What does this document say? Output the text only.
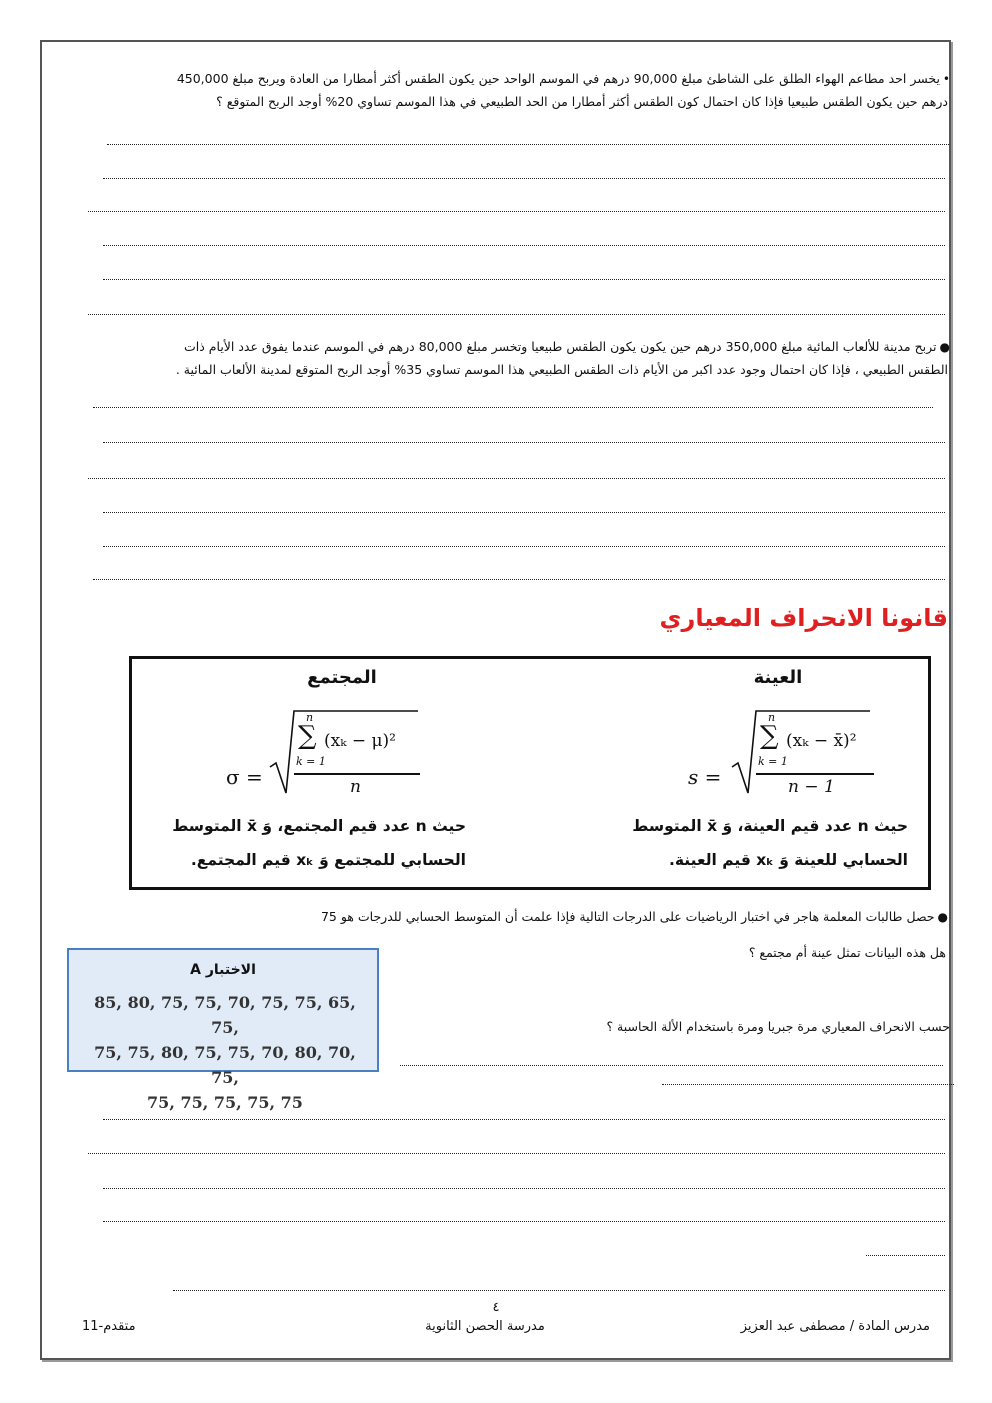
•يخسر احد مطاعم الهواء الطلق على الشاطئ مبلغ 90,000 درهم في الموسم الواحد حين يكون الطقس أكثر أمطارا من العادة ويربح مبلغ 450,000
درهم حين يكون الطقس طبيعيا فإذا كان احتمال كون الطقس أكثر أمطارا من الحد الطبيعي في هذا الموسم تساوي 20% أوجد الربح المتوقع ؟
●تربح مدينة للألعاب المائية مبلغ 350,000 درهم حين يكون يكون الطقس طبيعيا وتخسر مبلغ 80,000 درهم في الموسم عندما يفوق عدد الأيام ذات
الطقس الطبيعي ، فإذا كان احتمال وجود عدد اكبر من الأيام ذات الطقس الطبيعي هذا الموسم تساوي 35% أوجد الربح المتوقع لمدينة الألعاب المائية .
قانونا الانحراف المعياري
العينة
s =
n
∑
k = 1
(xₖ − x̄)²
n − 1
حيث n عدد قيم العينة، وَ x̄ المتوسط
الحسابي للعينة وَ xₖ قيم العينة.
المجتمع
σ =
n
∑
k = 1
(xₖ − μ)²
n
حيث n عدد قيم المجتمع، وَ x̄ المتوسط
الحسابي للمجتمع وَ xₖ قيم المجتمع.
●حصل طالبات المعلمة هاجر في اختبار الرياضيات على الدرجات التالية فإذا علمت أن المتوسط الحسابي للدرجات هو 75
هل هذه البيانات تمثل عينة أم مجتمع ؟
حسب الانحراف المعياري مرة جبريا ومرة باستخدام الألة الحاسبة ؟
الاختبار A
85, 80, 75, 75, 70, 75, 75, 65, 75,
75, 75, 80, 75, 75, 70, 80, 70, 75,
75, 75, 75, 75, 75
٤
مدرس المادة / مصطفى عبد العزيز
مدرسة الحصن الثانوية
11-متقدم
